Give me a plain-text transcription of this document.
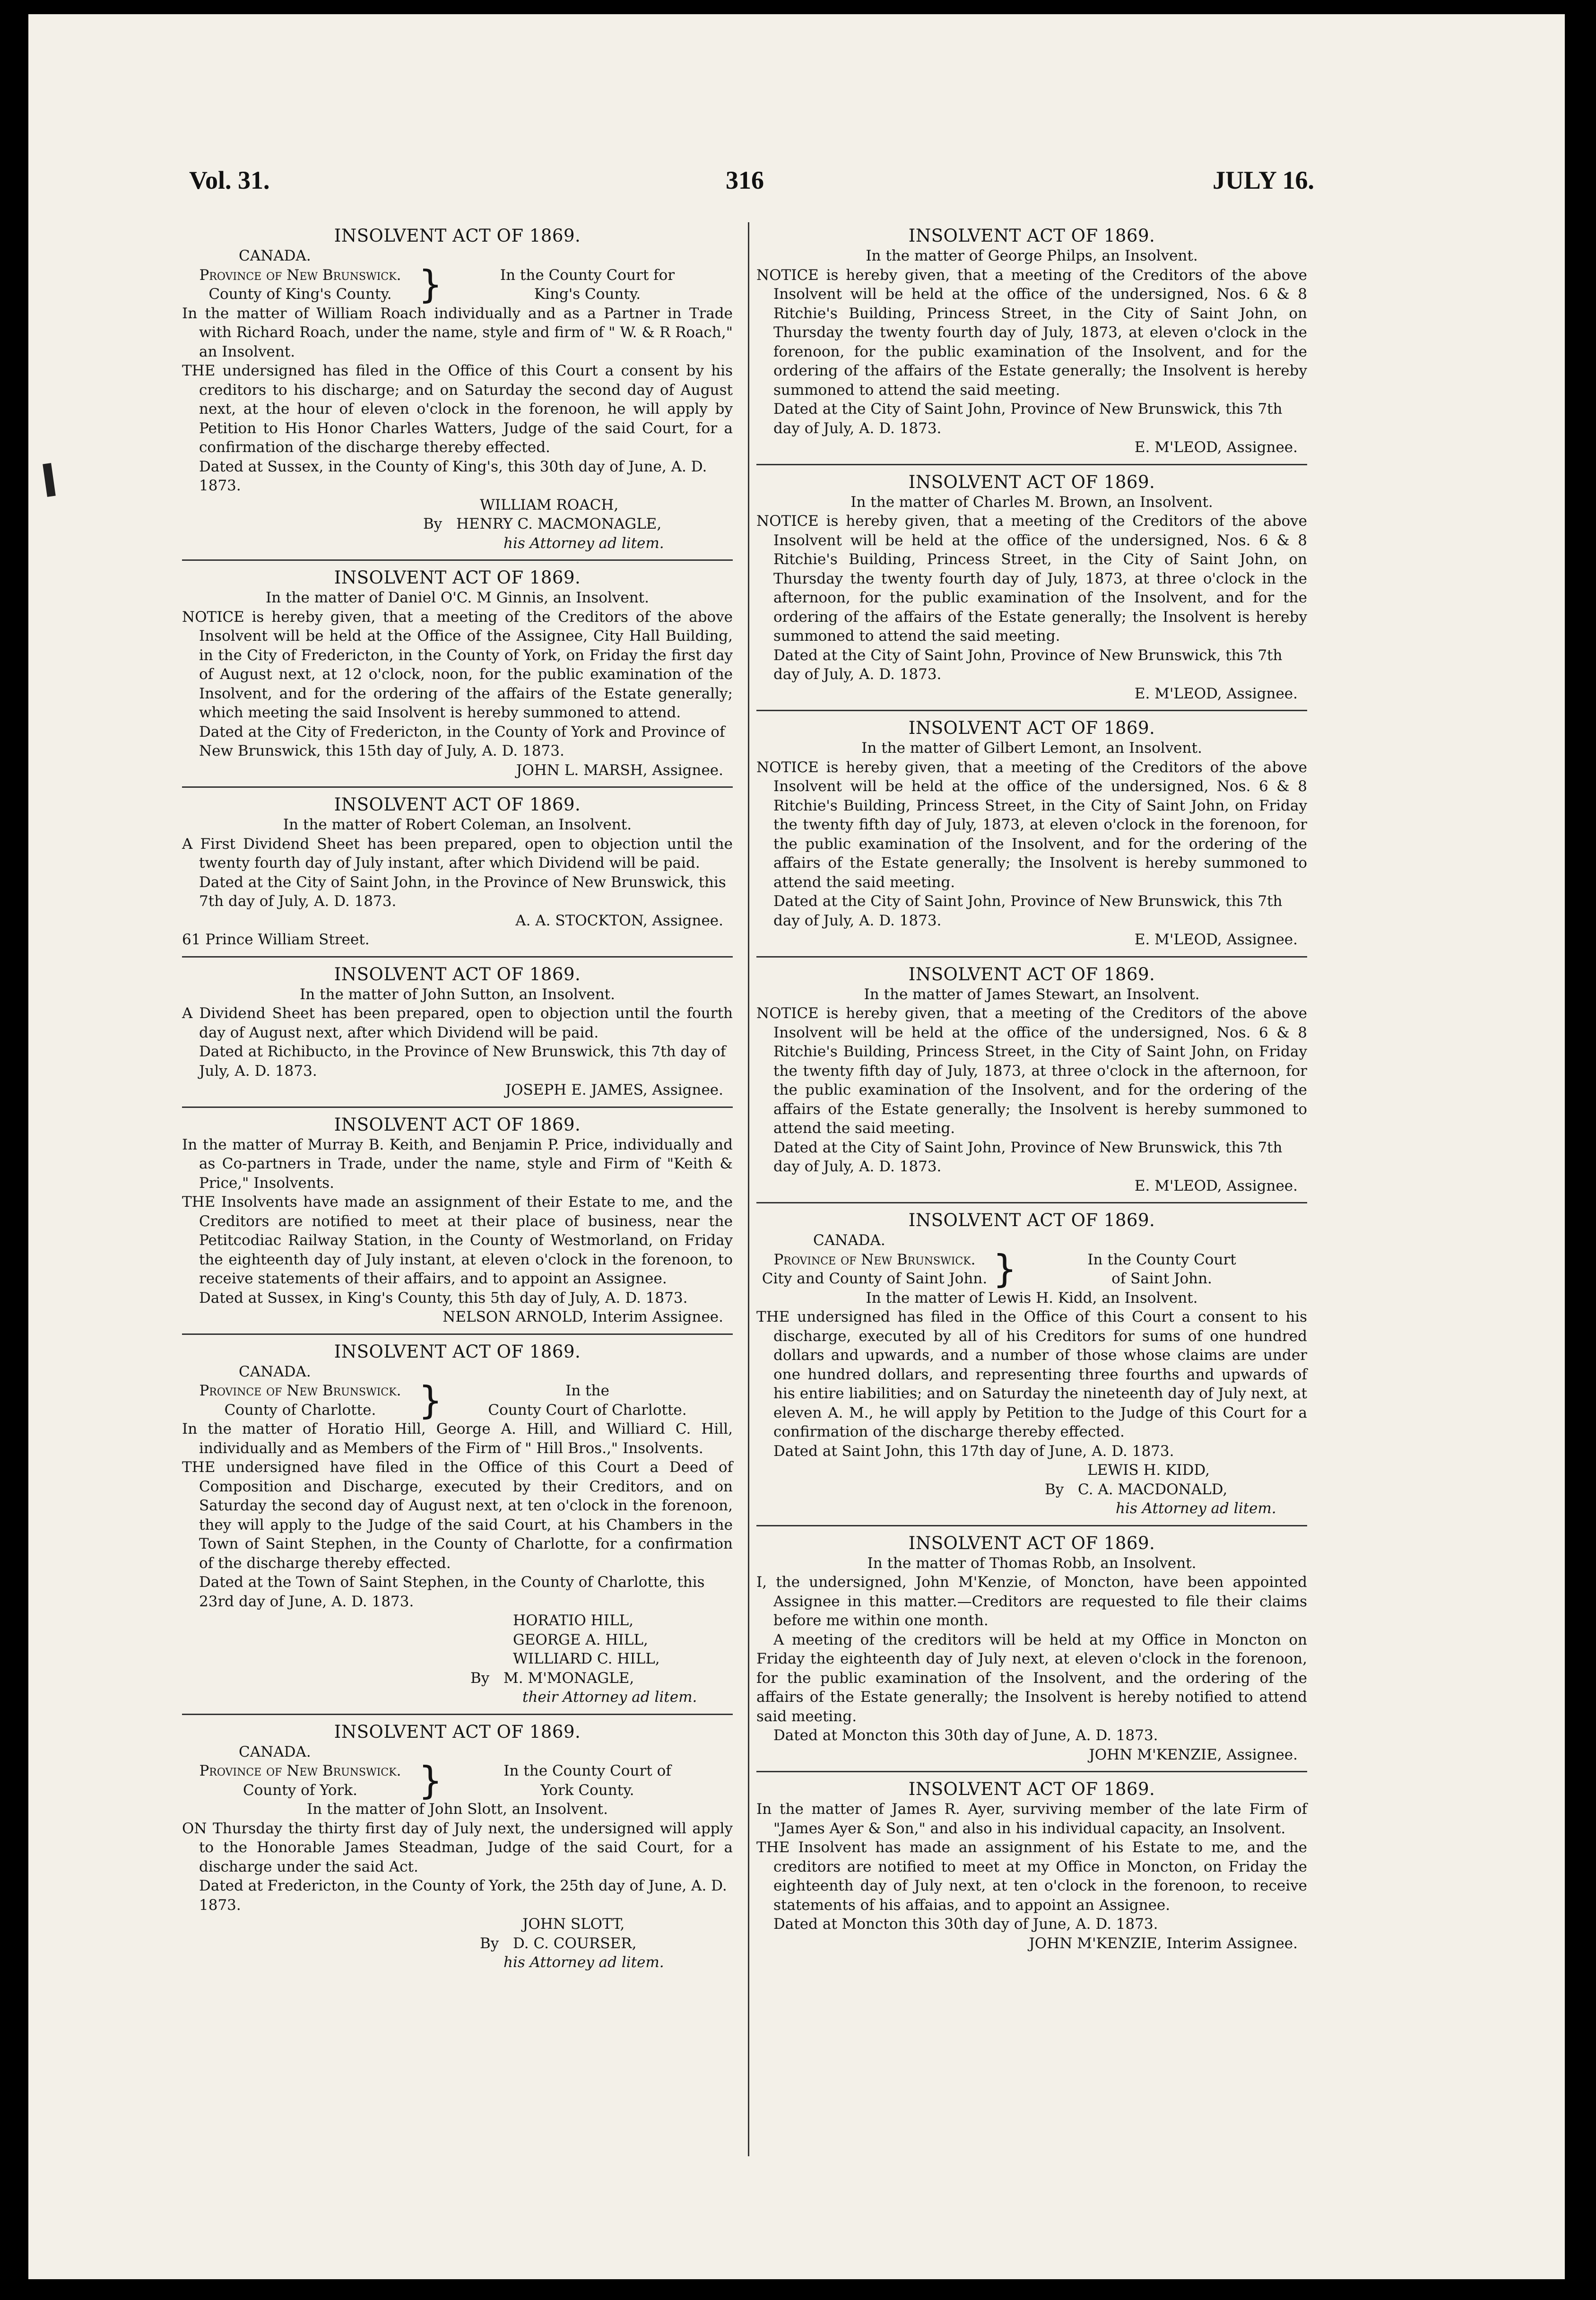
Vol. 31.	316	JULY 16.
INSOLVENT ACT OF 1869.
CANADA.
Province of New Brunswick.
County of King's County. }	In the County Court for
King's County.
In the matter of William Roach individually and as a Partner in Trade with Richard Roach, under the name, style and firm of " W. & R Roach," an Insolvent.
THE undersigned has filed in the Office of this Court a consent by his creditors to his discharge; and on Saturday the second day of August next, at the hour of eleven o'clock in the forenoon, he will apply by Petition to His Honor Charles Watters, Judge of the said Court, for a confirmation of the discharge thereby effected.
Dated at Sussex, in the County of King's, this 30th day of June, A. D. 1873.
WILLIAM ROACH,
By HENRY C. MACMONAGLE,
his Attorney ad litem.
INSOLVENT ACT OF 1869.
In the matter of Daniel O'C. M Ginnis, an Insolvent.
NOTICE is hereby given, that a meeting of the Creditors of the above Insolvent will be held at the Office of the Assignee, City Hall Building, in the City of Fredericton, in the County of York, on Friday the first day of August next, at 12 o'clock, noon, for the public examination of the Insolvent, and for the ordering of the affairs of the Estate generally; which meeting the said Insolvent is hereby summoned to attend.
Dated at the City of Fredericton, in the County of York and Province of New Brunswick, this 15th day of July, A. D. 1873.
JOHN L. MARSH, Assignee.
INSOLVENT ACT OF 1869.
In the matter of Robert Coleman, an Insolvent.
A First Dividend Sheet has been prepared, open to objection until the twenty fourth day of July instant, after which Dividend will be paid.
Dated at the City of Saint John, in the Province of New Brunswick, this 7th day of July, A. D. 1873.
A. A. STOCKTON, Assignee.
61 Prince William Street.
INSOLVENT ACT OF 1869.
In the matter of John Sutton, an Insolvent.
A Dividend Sheet has been prepared, open to objection until the fourth day of August next, after which Dividend will be paid.
Dated at Richibucto, in the Province of New Brunswick, this 7th day of July, A. D. 1873.
JOSEPH E. JAMES, Assignee.
INSOLVENT ACT OF 1869.
In the matter of Murray B. Keith, and Benjamin P. Price, individually and as Co-partners in Trade, under the name, style and Firm of "Keith & Price," Insolvents.
THE Insolvents have made an assignment of their Estate to me, and the Creditors are notified to meet at their place of business, near the Petitcodiac Railway Station, in the County of Westmorland, on Friday the eighteenth day of July instant, at eleven o'clock in the forenoon, to receive statements of their affairs, and to appoint an Assignee.
Dated at Sussex, in King's County, this 5th day of July, A. D. 1873.
NELSON ARNOLD, Interim Assignee.
INSOLVENT ACT OF 1869.
CANADA.
Province of New Brunswick.
County of Charlotte.	}	In the
County Court of Charlotte.
In the matter of Horatio Hill, George A. Hill, and Williard C. Hill, individually and as Members of the Firm of " Hill Bros.," Insolvents.
THE undersigned have filed in the Office of this Court a Deed of Composition and Discharge, executed by their Creditors, and on Saturday the second day of August next, at ten o'clock in the forenoon, they will apply to the Judge of the said Court, at his Chambers in the Town of Saint Stephen, in the County of Charlotte, for a confirmation of the discharge thereby effected.
Dated at the Town of Saint Stephen, in the County of Charlotte, this 23rd day of June, A. D. 1873.
HORATIO HILL,
GEORGE A. HILL,
WILLIARD C. HILL,
By M. M'MONAGLE,
their Attorney ad litem.
INSOLVENT ACT OF 1869.
CANADA.
Province of New Brunswick.
County of York.	}	In the County Court of
York County.
In the matter of John Slott, an Insolvent.
ON Thursday the thirty first day of July next, the undersigned will apply to the Honorable James Steadman, Judge of the said Court, for a discharge under the said Act.
Dated at Fredericton, in the County of York, the 25th day of June, A. D. 1873.
JOHN SLOTT,
By D. C. COURSER,
his Attorney ad litem.
INSOLVENT ACT OF 1869.
In the matter of George Philps, an Insolvent.
NOTICE is hereby given, that a meeting of the Creditors of the above Insolvent will be held at the office of the undersigned, Nos. 6 & 8 Ritchie's Building, Princess Street, in the City of Saint John, on Thursday the twenty fourth day of July, 1873, at eleven o'clock in the forenoon, for the public examination of the Insolvent, and for the ordering of the affairs of the Estate generally; the Insolvent is hereby summoned to attend the said meeting.
Dated at the City of Saint John, Province of New Brunswick, this 7th day of July, A. D. 1873.
E. M'LEOD, Assignee.
INSOLVENT ACT OF 1869.
In the matter of Charles M. Brown, an Insolvent.
NOTICE is hereby given, that a meeting of the Creditors of the above Insolvent will be held at the office of the undersigned, Nos. 6 & 8 Ritchie's Building, Princess Street, in the City of Saint John, on Thursday the twenty fourth day of July, 1873, at three o'clock in the afternoon, for the public examination of the Insolvent, and for the ordering of the affairs of the Estate generally; the Insolvent is hereby summoned to attend the said meeting.
Dated at the City of Saint John, Province of New Brunswick, this 7th day of July, A. D. 1873.
E. M'LEOD, Assignee.
INSOLVENT ACT OF 1869.
In the matter of Gilbert Lemont, an Insolvent.
NOTICE is hereby given, that a meeting of the Creditors of the above Insolvent will be held at the office of the undersigned, Nos. 6 & 8 Ritchie's Building, Princess Street, in the City of Saint John, on Friday the twenty fifth day of July, 1873, at eleven o'clock in the forenoon, for the public examination of the Insolvent, and for the ordering of the affairs of the Estate generally; the Insolvent is hereby summoned to attend the said meeting.
Dated at the City of Saint John, Province of New Brunswick, this 7th day of July, A. D. 1873.
E. M'LEOD, Assignee.
INSOLVENT ACT OF 1869.
In the matter of James Stewart, an Insolvent.
NOTICE is hereby given, that a meeting of the Creditors of the above Insolvent will be held at the office of the undersigned, Nos. 6 & 8 Ritchie's Building, Princess Street, in the City of Saint John, on Friday the twenty fifth day of July, 1873, at three o'clock in the afternoon, for the public examination of the Insolvent, and for the ordering of the affairs of the Estate generally; the Insolvent is hereby summoned to attend the said meeting.
Dated at the City of Saint John, Province of New Brunswick, this 7th day of July, A. D. 1873.
E. M'LEOD, Assignee.
INSOLVENT ACT OF 1869.
CANADA.
Province of New Brunswick.
City and County of Saint John. }	In the County Court
of Saint John.
In the matter of Lewis H. Kidd, an Insolvent.
THE undersigned has filed in the Office of this Court a consent to his discharge, executed by all of his Creditors for sums of one hundred dollars and upwards, and a number of those whose claims are under one hundred dollars, and representing three fourths and upwards of his entire liabilities; and on Saturday the nineteenth day of July next, at eleven A. M., he will apply by Petition to the Judge of this Court for a confirmation of the discharge thereby effected.
Dated at Saint John, this 17th day of June, A. D. 1873.
LEWIS H. KIDD,
By C. A. MACDONALD,
his Attorney ad litem.
INSOLVENT ACT OF 1869.
In the matter of Thomas Robb, an Insolvent.
I, the undersigned, John M'Kenzie, of Moncton, have been appointed Assignee in this matter.—Creditors are requested to file their claims before me within one month.
A meeting of the creditors will be held at my Office in Moncton on Friday the eighteenth day of July next, at eleven o'clock in the forenoon, for the public examination of the Insolvent, and the ordering of the affairs of the Estate generally; the Insolvent is hereby notified to attend said meeting.
Dated at Moncton this 30th day of June, A. D. 1873.
JOHN M'KENZIE, Assignee.
INSOLVENT ACT OF 1869.
In the matter of James R. Ayer, surviving member of the late Firm of "James Ayer & Son," and also in his individual capacity, an Insolvent.
THE Insolvent has made an assignment of his Estate to me, and the creditors are notified to meet at my Office in Moncton, on Friday the eighteenth day of July next, at ten o'clock in the forenoon, to receive statements of his affaias, and to appoint an Assignee.
Dated at Moncton this 30th day of June, A. D. 1873.
JOHN M'KENZIE, Interim Assignee.
